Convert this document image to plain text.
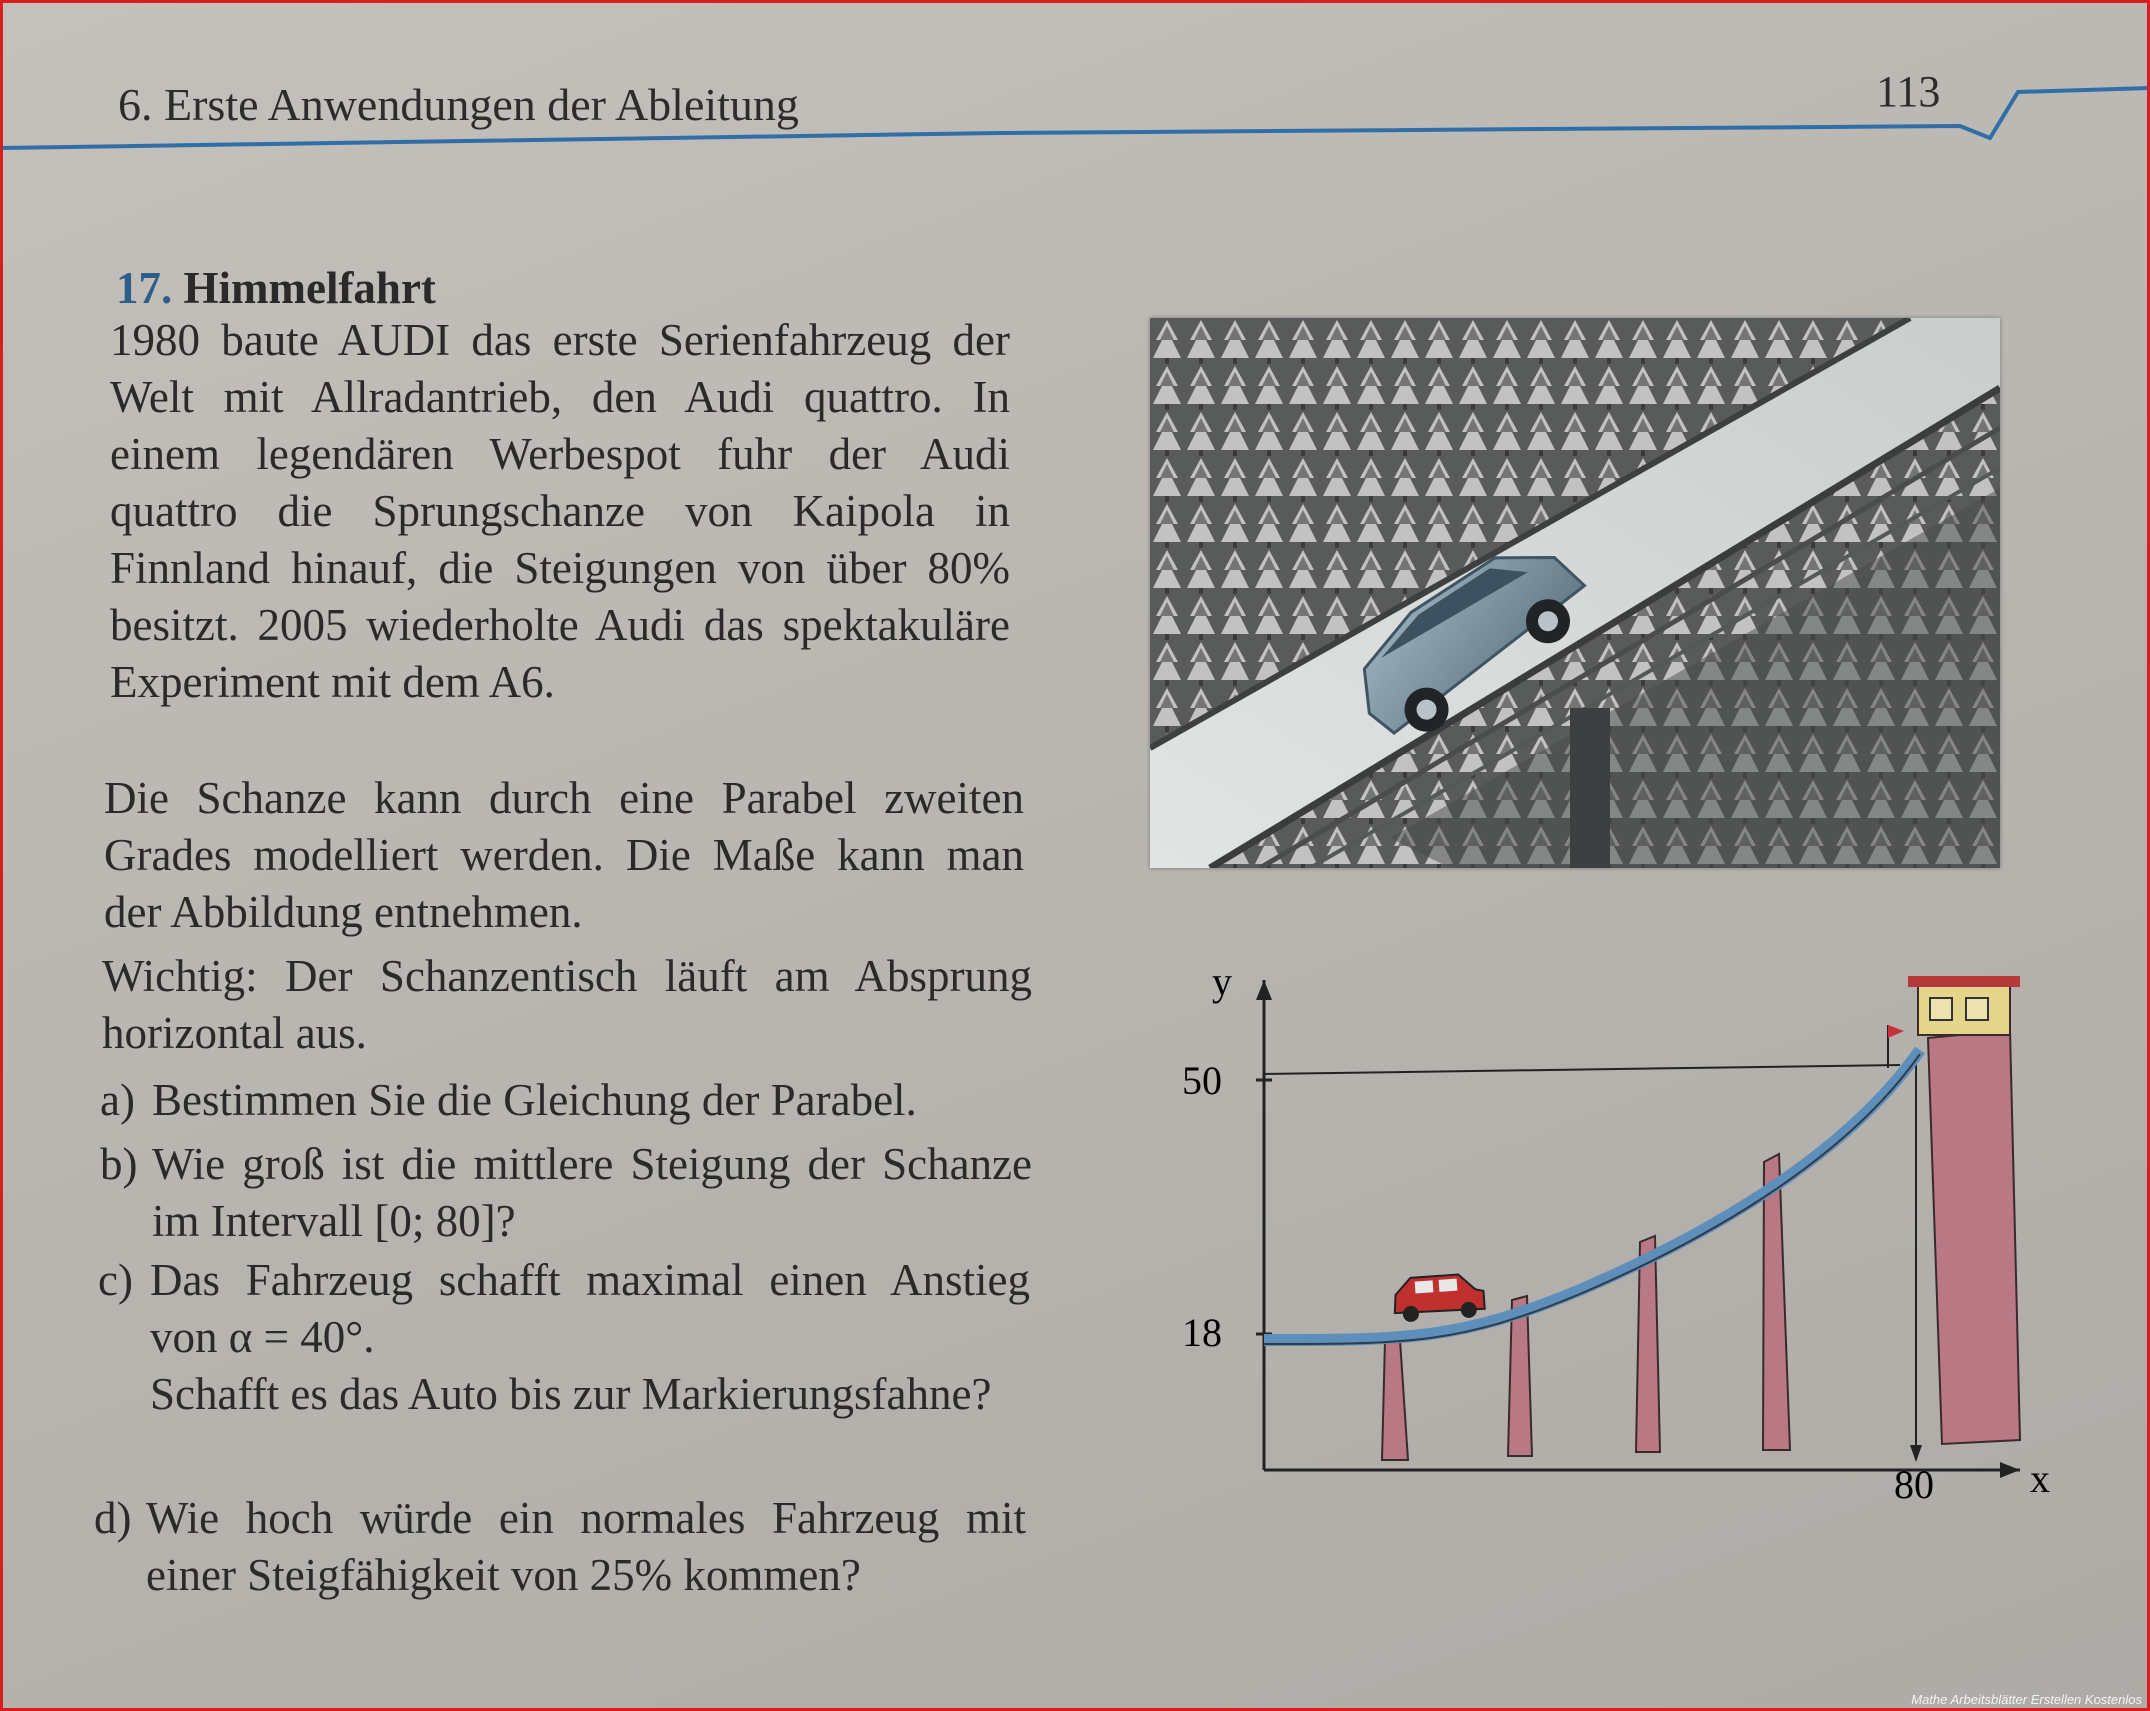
6. Erste Anwendungen der Ableitung	113
17. Himmelfahrt

1980 baute AUDI das erste Serienfahrzeug der Welt mit Allradantrieb, den Audi quattro. In einem legendären Werbespot fuhr der Audi quattro die Sprungschanze von Kaipola in Finnland hinauf, die Steigungen von über 80% besitzt. 2005 wiederholte Audi das spektakuläre Experiment mit dem A6.

Die Schanze kann durch eine Parabel zweiten Grades modelliert werden. Die Maße kann man der Abbildung entnehmen.

Wichtig: Der Schanzentisch läuft am Absprung horizontal aus.

a) Bestimmen Sie die Gleichung der Parabel.
b) Wie groß ist die mittlere Steigung der Schanze im Intervall [0; 80]?
c) Das Fahrzeug schafft maximal einen Anstieg von α = 40°.
Schafft es das Auto bis zur Markierungsfahne?
d) Wie hoch würde ein normales Fahrzeug mit einer Steigfähigkeit von 25% kommen?
y
x
50
18
80
Mathe Arbeitsblätter Erstellen Kostenlos
